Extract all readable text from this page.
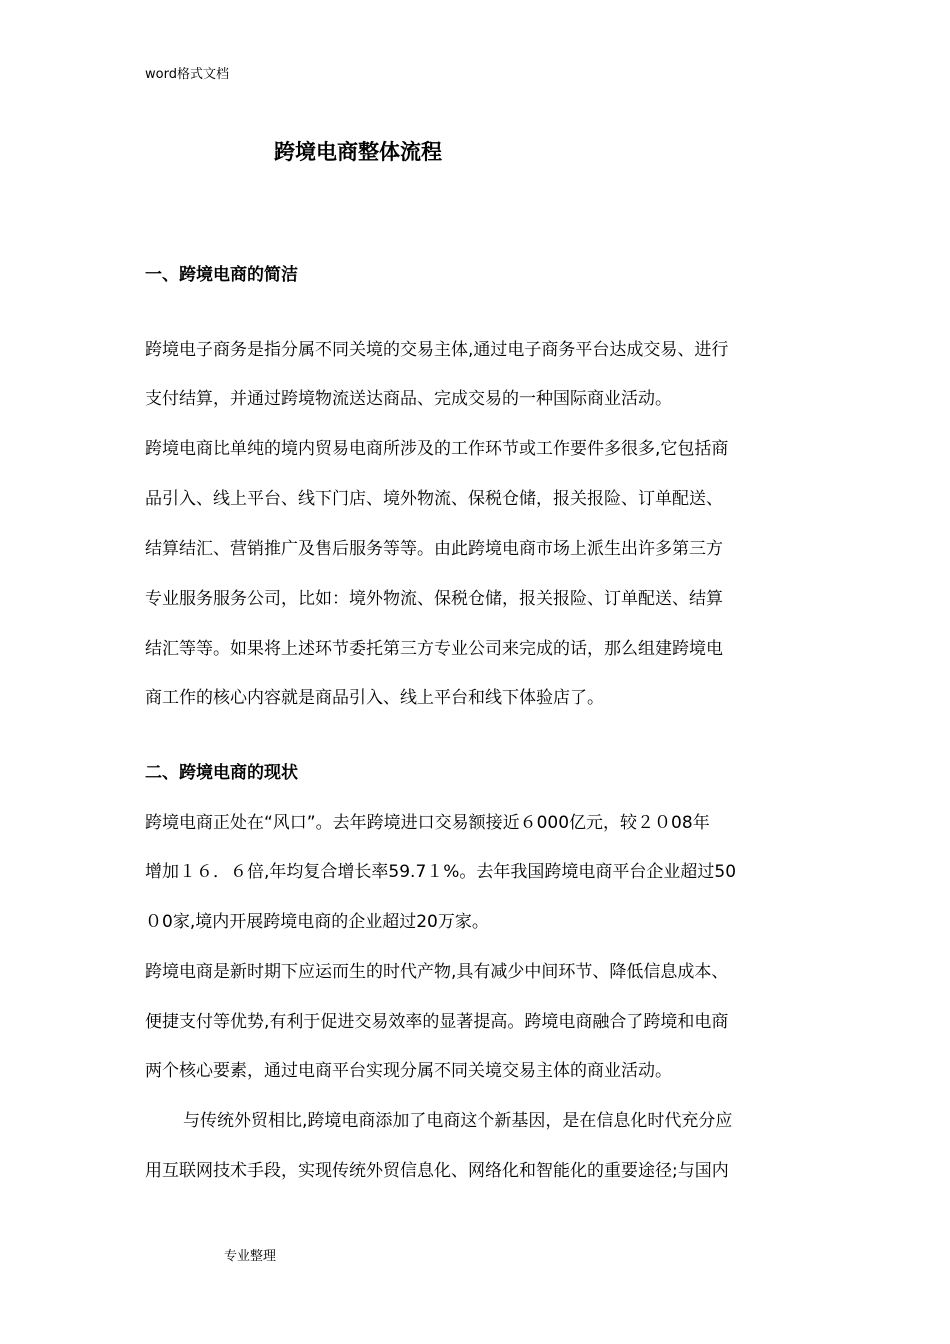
word格式文档
跨境电商整体流程
一、跨境电商的简洁
跨境电子商务是指分属不同关境的交易主体,通过电子商务平台达成交易、进行
支付结算，并通过跨境物流送达商品、完成交易的一种国际商业活动。
跨境电商比单纯的境内贸易电商所涉及的工作环节或工作要件多很多,它包括商
品引入、线上平台、线下门店、境外物流、保税仓储，报关报险、订单配送、
结算结汇、营销推广及售后服务等等。由此跨境电商市场上派生出许多第三方
专业服务服务公司，比如：境外物流、保税仓储，报关报险、订单配送、结算
结汇等等。如果将上述环节委托第三方专业公司来完成的话，那么组建跨境电
商工作的核心内容就是商品引入、线上平台和线下体验店了。
二、跨境电商的现状
跨境电商正处在“风口”。去年跨境进口交易额接近６000亿元，较２０08年
增加１６．６倍,年均复合增长率59.7１%。去年我国跨境电商平台企业超过50
０0家,境内开展跨境电商的企业超过20万家。
跨境电商是新时期下应运而生的时代产物,具有减少中间环节、降低信息成本、
便捷支付等优势,有利于促进交易效率的显著提高。跨境电商融合了跨境和电商
两个核心要素，通过电商平台实现分属不同关境交易主体的商业活动。
与传统外贸相比,跨境电商添加了电商这个新基因，是在信息化时代充分应
用互联网技术手段，实现传统外贸信息化、网络化和智能化的重要途径;与国内
专业整理
